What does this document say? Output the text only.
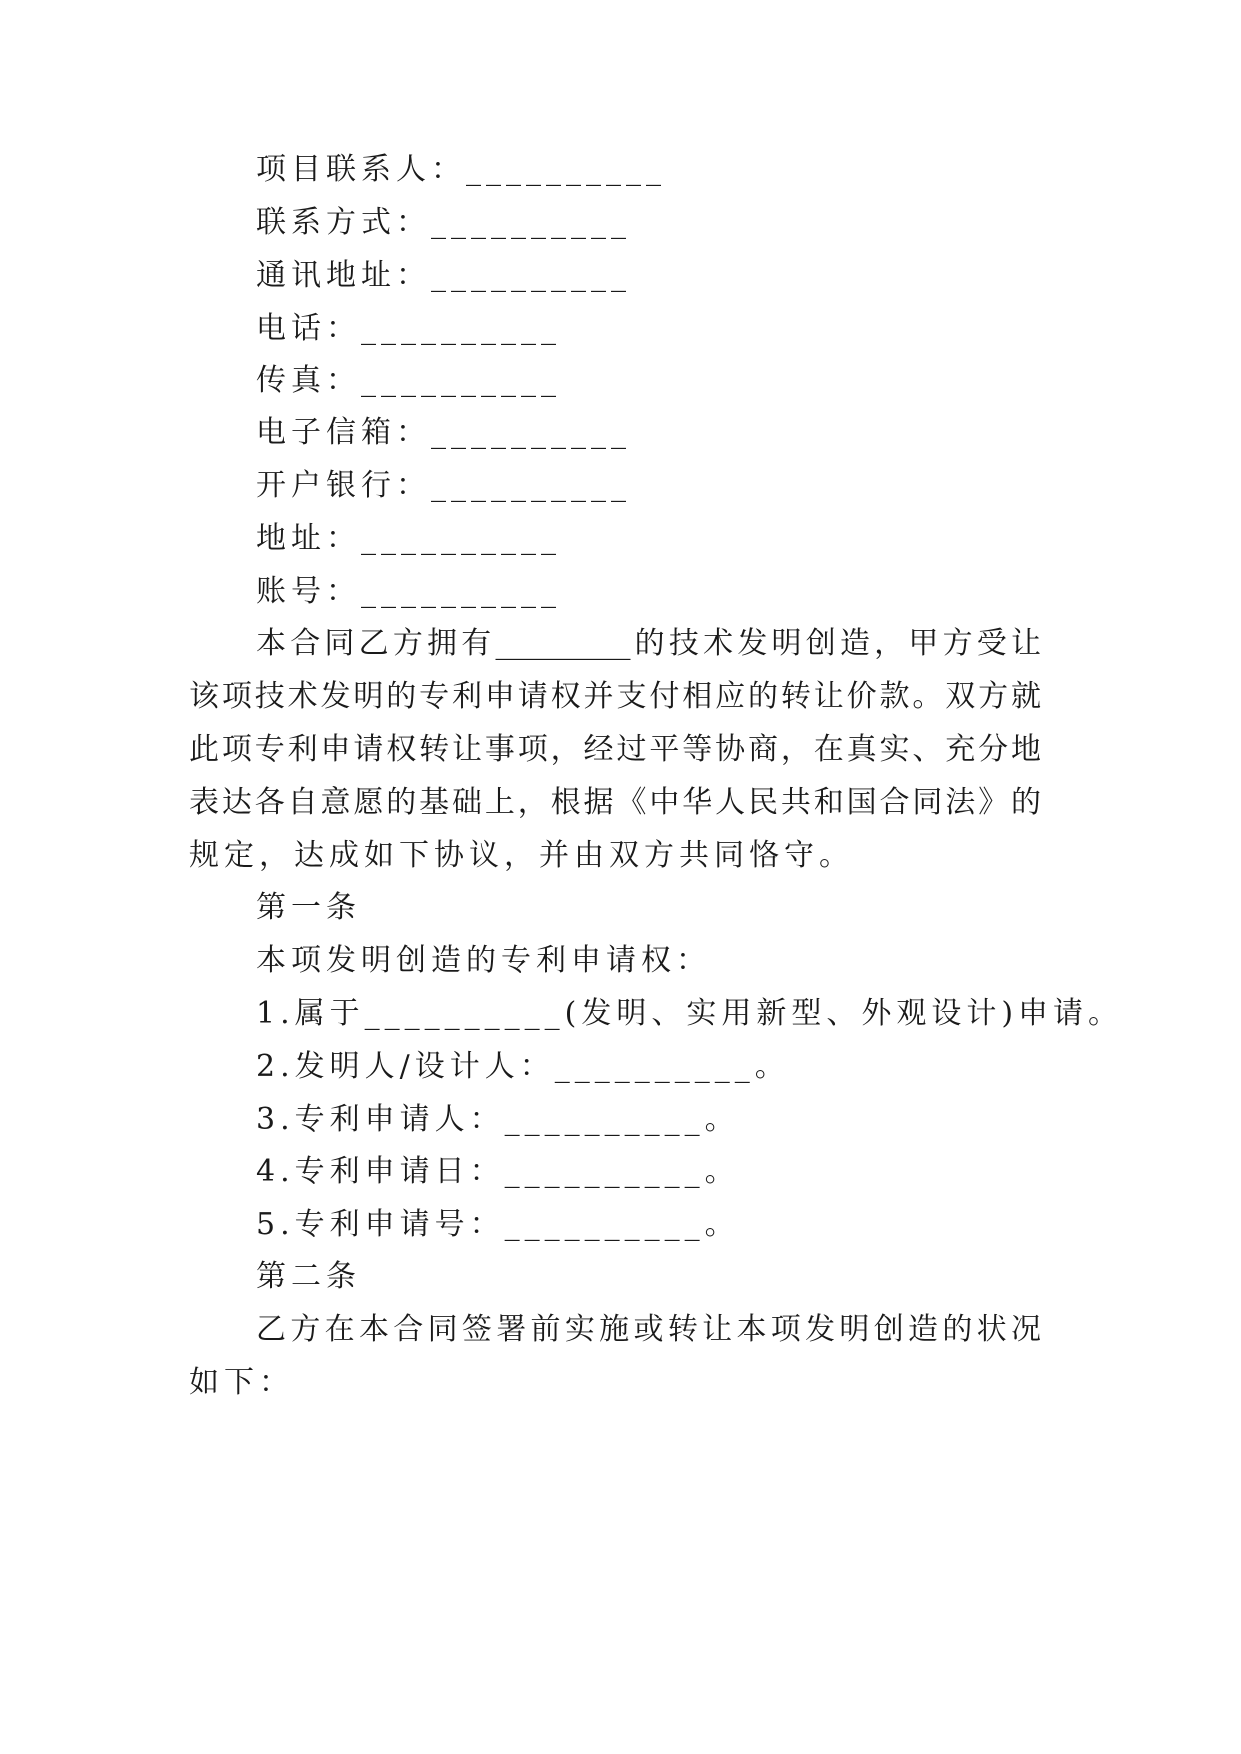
项目联系人：__________
联系方式：__________
通讯地址：__________
电话：__________
传真：__________
电子信箱：__________
开户银行：__________
地址：__________
账号：__________
本合同乙方拥有_________的技术发明创造，甲方受让
该项技术发明的专利申请权并支付相应的转让价款。双方就
此项专利申请权转让事项，经过平等协商，在真实、充分地
表达各自意愿的基础上，根据《中华人民共和国合同法》的
规定，达成如下协议，并由双方共同恪守。
第一条
本项发明创造的专利申请权：
1.属于__________(发明、实用新型、外观设计)申请。
2.发明人/设计人：__________。
3.专利申请人：__________。
4.专利申请日：__________。
5.专利申请号：__________。
第二条
乙方在本合同签署前实施或转让本项发明创造的状况
如下：
